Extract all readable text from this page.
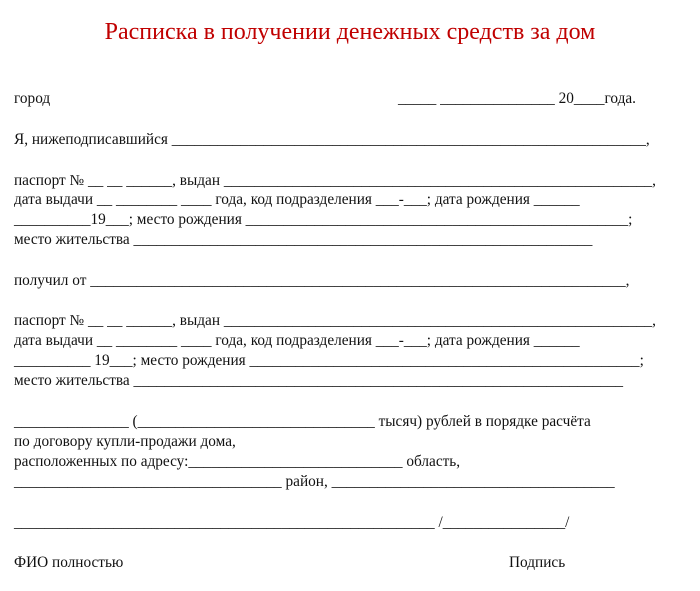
Расписка в получении денежных средств за дом
город	_____ _______________ 20____года.
Я, нижеподписавшийся ______________________________________________________________,
паспорт № __ __ ______, выдан ________________________________________________________,
дата выдачи __ ________ ____ года, код подразделения ___-___; дата рождения ______
__________19___; место рождения __________________________________________________;
место жительства ____________________________________________________________
получил от ______________________________________________________________________,
паспорт № __ __ ______, выдан ________________________________________________________,
дата выдачи __ ________ ____ года, код подразделения ___-___; дата рождения ______
__________ 19___; место рождения ___________________________________________________;
место жительства ________________________________________________________________
_______________ (_______________________________ тысяч) рублей в порядке расчёта
по договору купли-продажи дома,
расположенных по адресу:____________________________ область,
___________________________________ район, _____________________________________
_______________________________________________________ /________________/
ФИО полностью	Подпись
